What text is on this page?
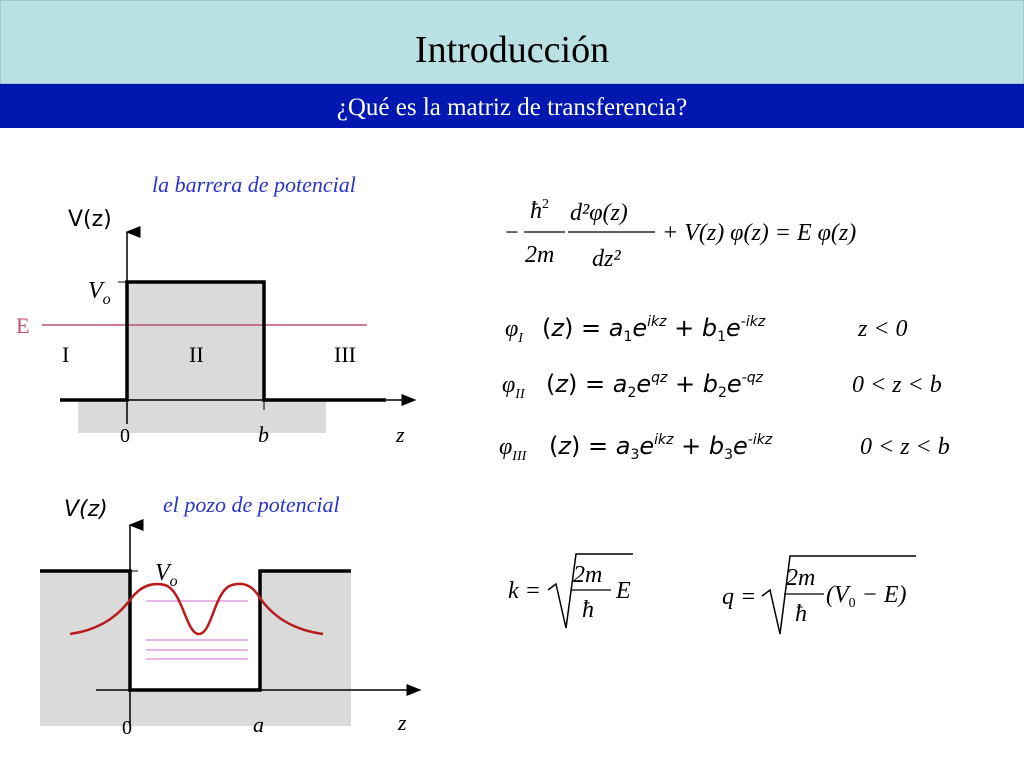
Introducción
¿Qué es la matriz de transferencia?
la barrera de potencial
E
V(z)
$V_o$
I	II	III
0	b	z
el pozo de potencial
V(z)
$V_o$
0	a	z
−
$ħ^2$
2m
d²φ(z)
dz²
+ V(z) φ(z) = E φ(z)
$\varphi_I$ $(z) = a_1e^{ikz} + b_1e^{-ikz}$	z < 0
$\varphi_{II}$ $(z) = a_2e^{qz} + b_2e^{-qz}$	0 < z < b
$\varphi_{III}$ $(z) = a_3e^{ikz} + b_3e^{-ikz}$	0 < z < b
k =
2m
ħ
E	q =
2m
ħ
$(V_0 - E)$
